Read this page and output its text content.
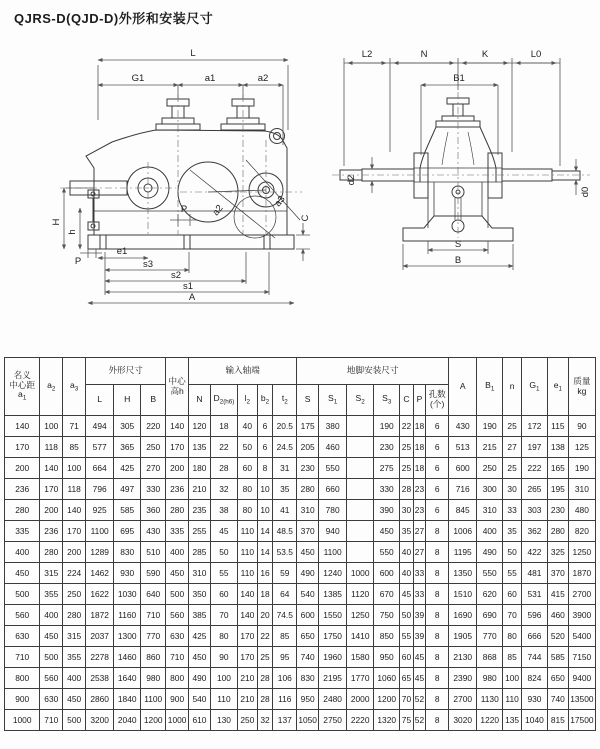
QJRS-D(QJD-D)外形和安装尺寸
L
G1	a1	a2
H
h
P
P
e1
s3
s2
s1
A
C
a2
a3
L2	N	K	L0
B1
d2
d0
S
B
名义
中心距
$a_1$
	$a_2$	$a_3$	外形尺寸	
中心
高h
	输入轴端	地脚安装尺寸	A	$B_1$	n	$G_1$	$e_1$	
质量
kg

			L	H	B		N	$D_{2(h6)}$	$l_2$	$b_2$	$t_2$	S	$S_1$	$S_2$	$S_3$	C	P	孔数
(个)						

140	100	71	494	305	220	140	120	18	40	6	20.5	175	380		190	22	18	6	430	190	25	172	115	90
170	118	85	577	365	250	170	135	22	50	6	24.5	205	460		230	25	18	6	513	215	27	197	138	125
200	140	100	664	425	270	200	180	28	60	8	31	230	550		275	25	18	6	600	250	25	222	165	190
236	170	118	796	497	330	236	210	32	80	10	35	280	660		330	28	23	6	716	300	30	265	195	310
280	200	140	925	585	360	280	235	38	80	10	41	310	780		390	30	23	6	845	310	33	303	230	480
335	236	170	1100	695	430	335	255	45	110	14	48.5	370	940		450	35	27	8	1006	400	35	362	280	820
400	280	200	1289	830	510	400	285	50	110	14	53.5	450	1100		550	40	27	8	1195	490	50	422	325	1250
450	315	224	1462	930	590	450	310	55	110	16	59	490	1240	1000	600	40	33	8	1350	550	55	481	370	1870
500	355	250	1622	1030	640	500	350	60	140	18	64	540	1385	1120	670	45	33	8	1510	620	60	531	415	2700
560	400	280	1872	1160	710	560	385	70	140	20	74.5	600	1550	1250	750	50	39	8	1690	690	70	596	460	3900
630	450	315	2037	1300	770	630	425	80	170	22	85	650	1750	1410	850	55	39	8	1905	770	80	666	520	5400
710	500	355	2278	1460	860	710	450	90	170	25	95	740	1960	1580	950	60	45	8	2130	868	85	744	585	7150
800	560	400	2538	1640	980	800	490	100	210	28	106	830	2195	1770	1060	65	45	8	2390	980	100	824	650	9400
900	630	450	2860	1840	1100	900	540	110	210	28	116	950	2480	2000	1200	70	52	8	2700	1130	110	930	740	13500
1000	710	500	3200	2040	1200	1000	610	130	250	32	137	1050	2750	2220	1320	75	52	8	3020	1220	135	1040	815	17500
